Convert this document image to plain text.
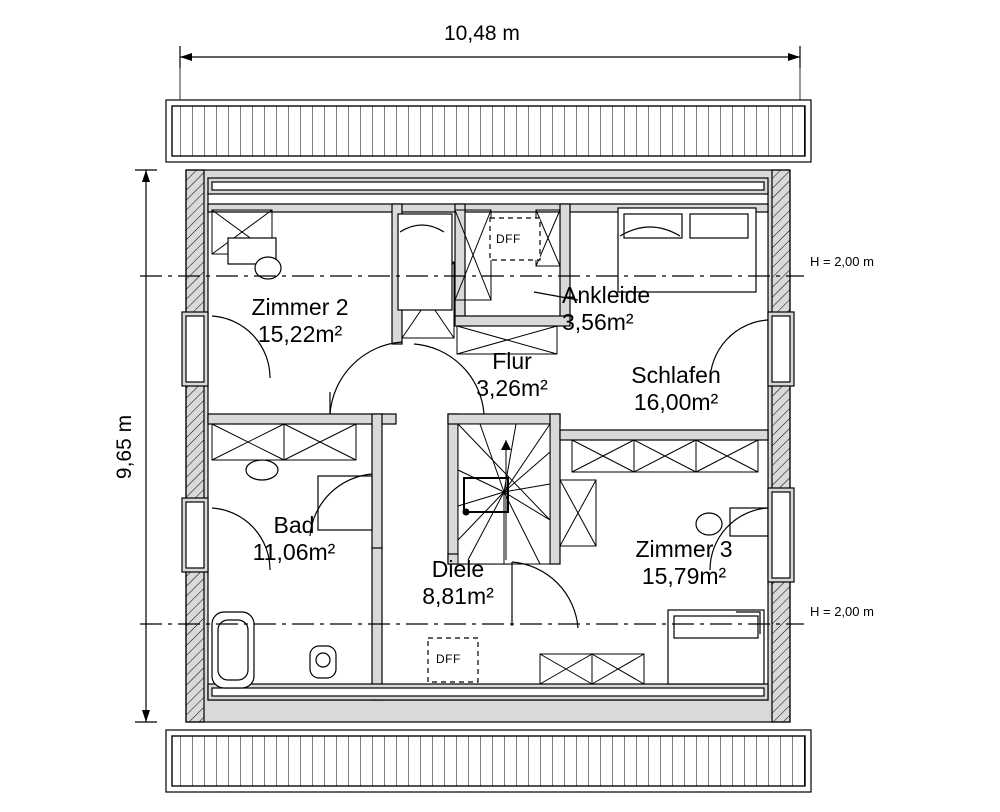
10,48 m
9,65 m
H = 2,00 m
H = 2,00 m
DFF
DFF
Zimmer 2
15,22m²
Ankleide
3,56m²
Schlafen
16,00m²
Flur
3,26m²
Bad
11,06m²
Diele
8,81m²
Zimmer 3
15,79m²
